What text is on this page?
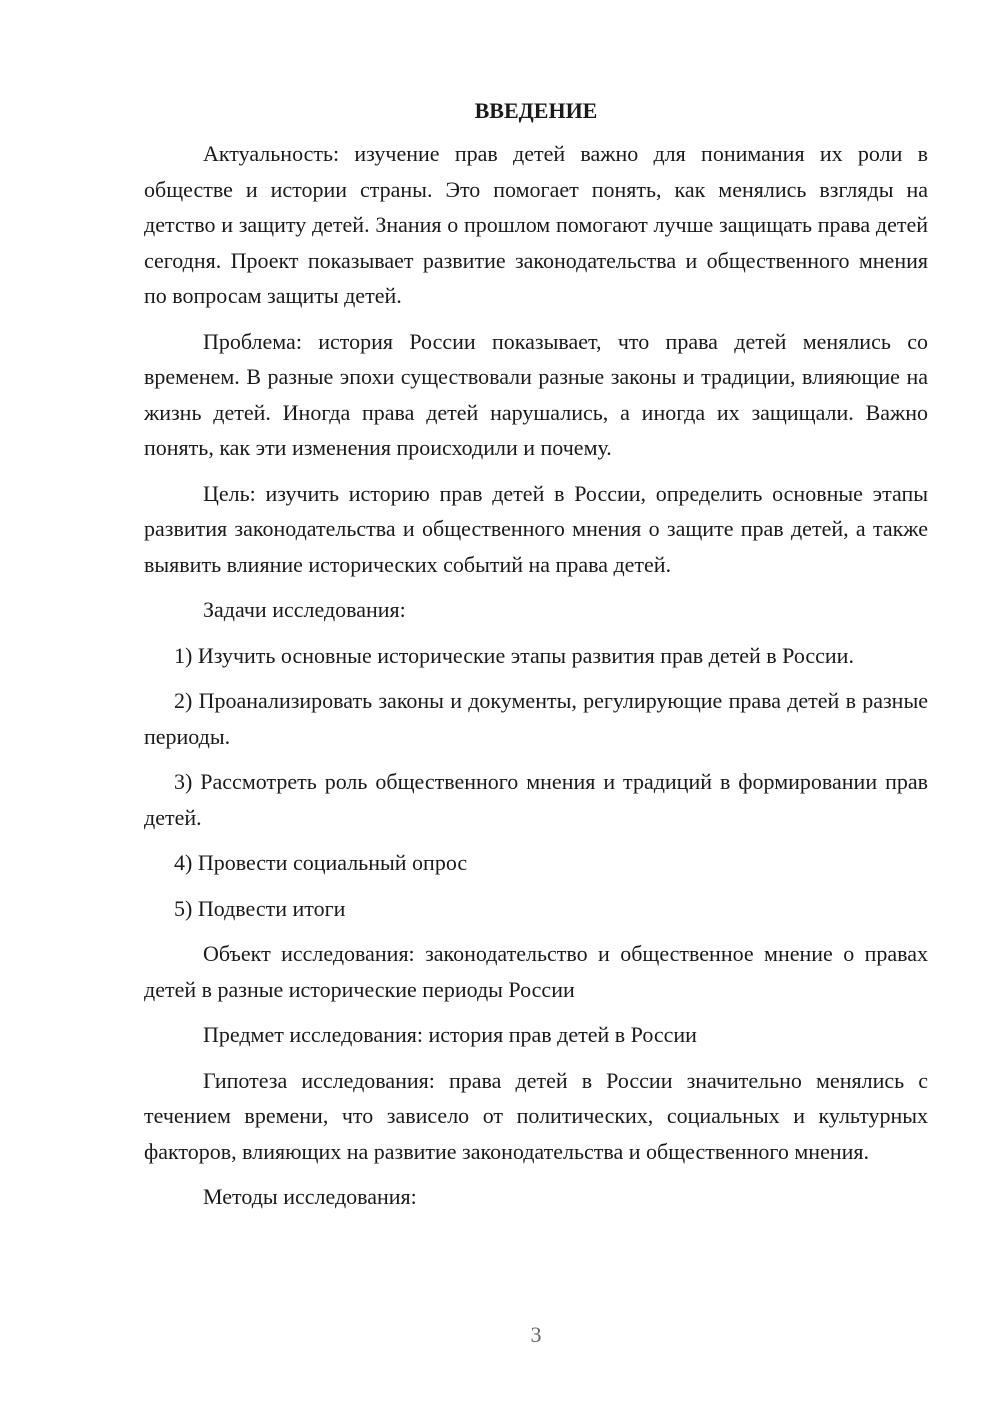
ВВЕДЕНИЕ
Актуальность: изучение прав детей важно для понимания их роли в обществе и истории страны. Это помогает понять, как менялись взгляды на детство и защиту детей. Знания о прошлом помогают лучше защищать права детей сегодня. Проект показывает развитие законодательства и общественного мнения по вопросам защиты детей.
Проблема: история России показывает, что права детей менялись со временем. В разные эпохи существовали разные законы и традиции, влияющие на жизнь детей. Иногда права детей нарушались, а иногда их защищали. Важно понять, как эти изменения происходили и почему.
Цель: изучить историю прав детей в России, определить основные этапы развития законодательства и общественного мнения о защите прав детей, а также выявить влияние исторических событий на права детей.
Задачи исследования:
1) Изучить основные исторические этапы развития прав детей в России.
2) Проанализировать законы и документы, регулирующие права детей в разные периоды.
3) Рассмотреть роль общественного мнения и традиций в формировании прав детей.
4) Провести социальный опрос
5) Подвести итоги
Объект исследования: законодательство и общественное мнение о правах детей в разные исторические периоды России
Предмет исследования: история прав детей в России
Гипотеза исследования: права детей в России значительно менялись с течением времени, что зависело от политических, социальных и культурных факторов, влияющих на развитие законодательства и общественного мнения.
Методы исследования:
3
